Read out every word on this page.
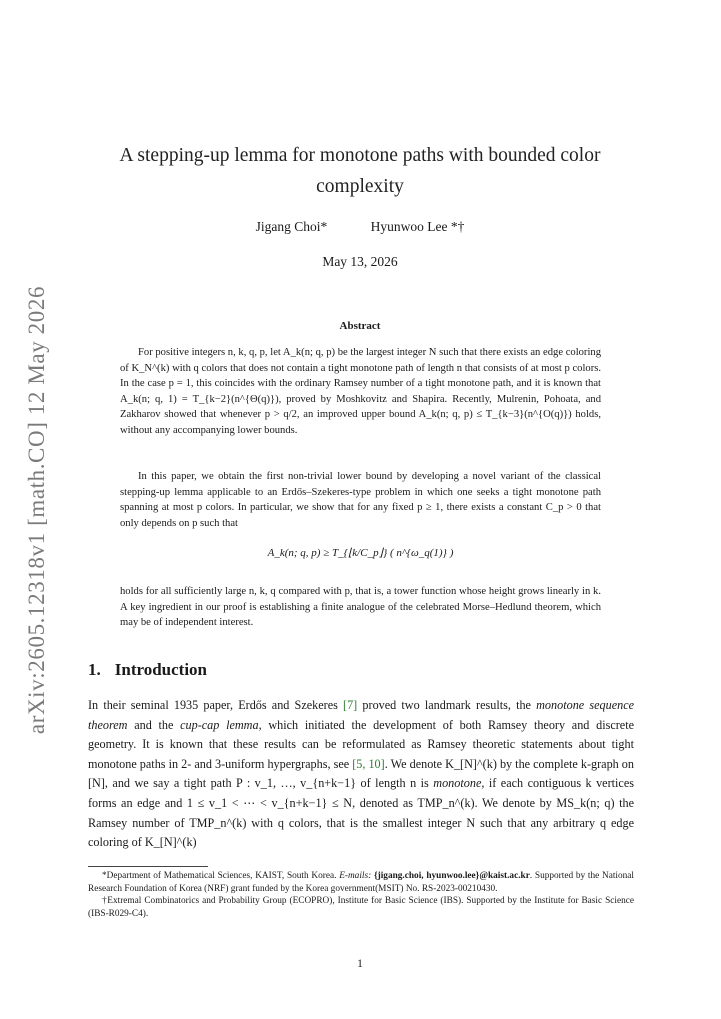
arXiv:2605.12318v1 [math.CO] 12 May 2026
A stepping-up lemma for monotone paths with bounded color complexity
Jigang Choi*	Hyunwoo Lee *†
May 13, 2026
Abstract

For positive integers n, k, q, p, let A_k(n; q, p) be the largest integer N such that there exists an edge coloring of K_N^(k) with q colors that does not contain a tight monotone path of length n that consists of at most p colors. In the case p = 1, this coincides with the ordinary Ramsey number of a tight monotone path, and it is known that A_k(n; q, 1) = T_{k−2}(n^{Θ(q)}), proved by Moshkovitz and Shapira. Recently, Mulrenin, Pohoata, and Zakharov showed that whenever p > q/2, an improved upper bound A_k(n; q, p) ≤ T_{k−3}(n^{O(q)}) holds, without any accompanying lower bounds.

In this paper, we obtain the first non-trivial lower bound by developing a novel variant of the classical stepping-up lemma applicable to an Erdős–Szekeres-type problem in which one seeks a tight monotone path spanning at most p colors. In particular, we show that for any fixed p ≥ 1, there exists a constant C_p > 0 that only depends on p such that

A_k(n; q, p) ≥ T_{⌊k/C_p⌋} ( n^{ω_q(1)} )

holds for all sufficiently large n, k, q compared with p, that is, a tower function whose height grows linearly in k. A key ingredient in our proof is establishing a finite analogue of the celebrated Morse–Hedlund theorem, which may be of independent interest.

1. Introduction

In their seminal 1935 paper, Erdős and Szekeres [7] proved two landmark results, the monotone sequence theorem and the cup-cap lemma, which initiated the development of both Ramsey theory and discrete geometry. It is known that these results can be reformulated as Ramsey theoretic statements about tight monotone paths in 2- and 3-uniform hypergraphs, see [5, 10]. We denote K_[N]^(k) by the complete k-graph on [N], and we say a tight path P : v_1, …, v_{n+k−1} of length n is monotone, if each contiguous k vertices forms an edge and 1 ≤ v_1 < ⋯ < v_{n+k−1} ≤ N, denoted as TMP_n^(k). We denote by MS_k(n; q) the Ramsey number of TMP_n^(k) with q colors, that is the smallest integer N such that any arbitrary q edge coloring of K_[N]^(k)

*Department of Mathematical Sciences, KAIST, South Korea. E-mails: {jigang.choi, hyunwoo.lee}@kaist.ac.kr. Supported by the National Research Foundation of Korea (NRF) grant funded by the Korea government(MSIT) No. RS-2023-00210430.

†Extremal Combinatorics and Probability Group (ECOPRO), Institute for Basic Science (IBS). Supported by the Institute for Basic Science (IBS-R029-C4).

1
